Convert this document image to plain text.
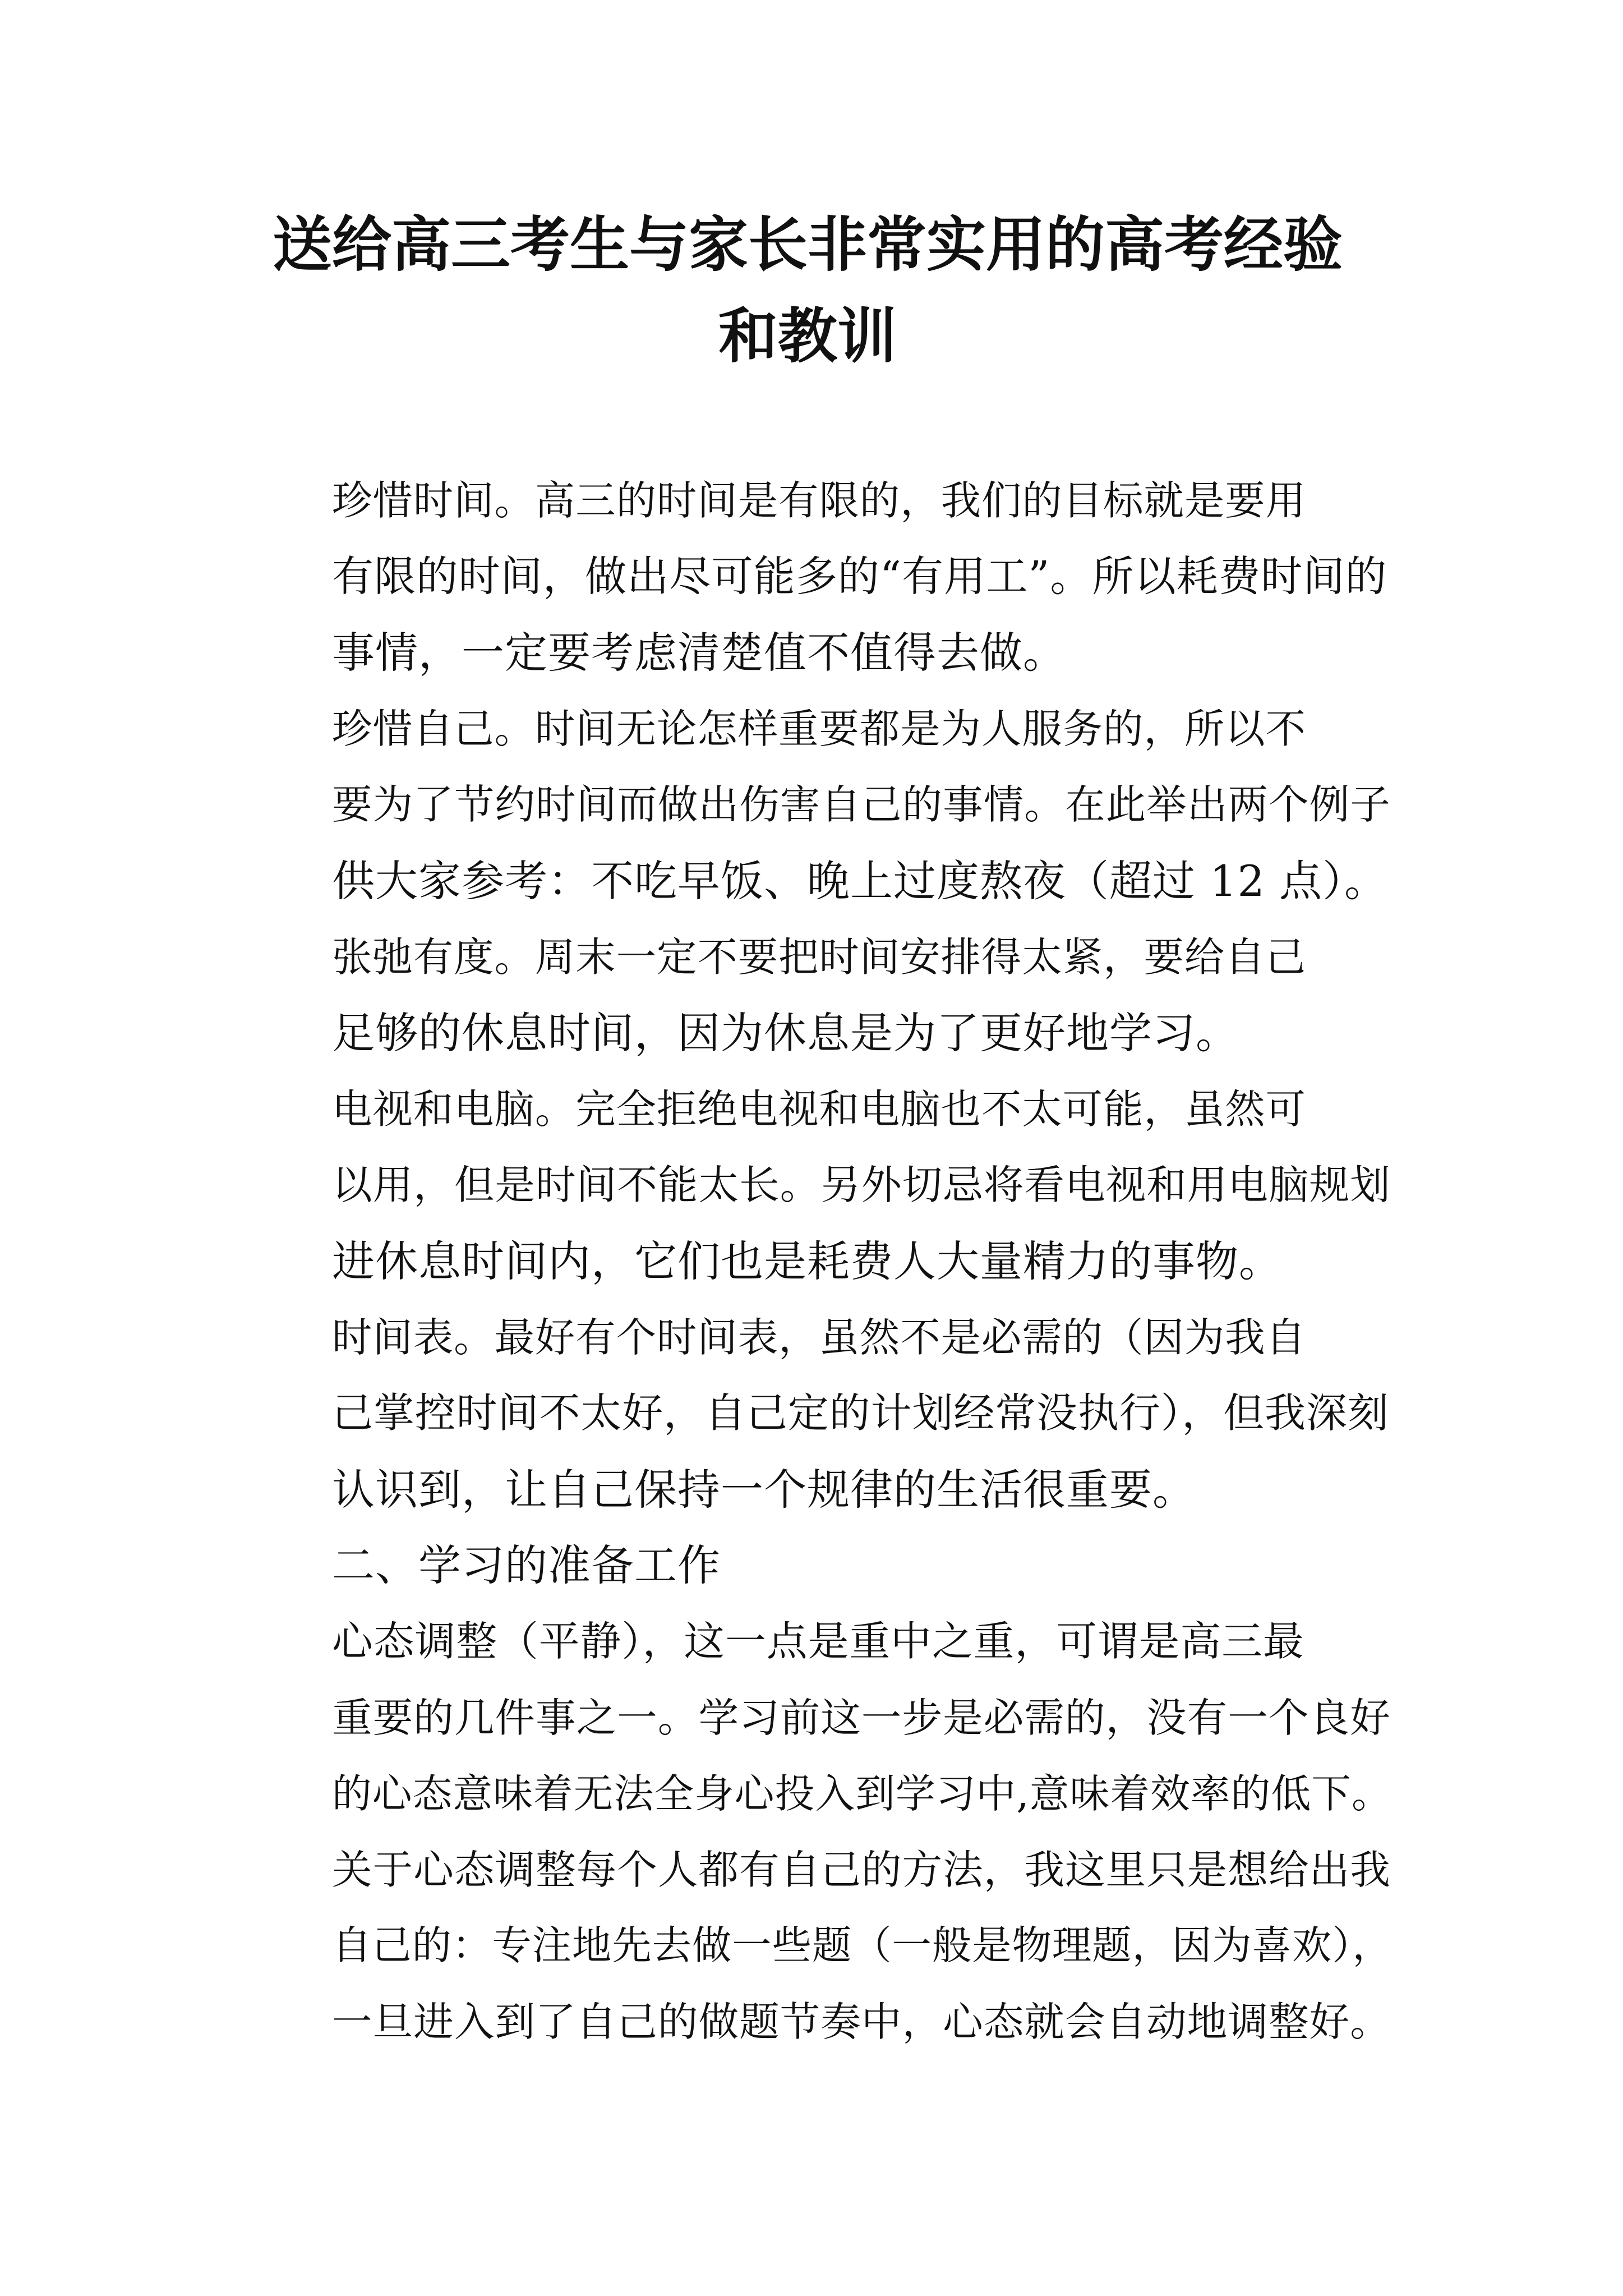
送给高三考生与家长非常实用的高考经验
和教训

珍惜时间。高三的时间是有限的，我们的目标就是要用
有限的时间，做出尽可能多的“有用工”。所以耗费时间的
事情，一定要考虑清楚值不值得去做。

珍惜自己。时间无论怎样重要都是为人服务的，所以不
要为了节约时间而做出伤害自己的事情。在此举出两个例子
供大家参考：不吃早饭、晚上过度熬夜（超过 12 点）。

张弛有度。周末一定不要把时间安排得太紧，要给自己
足够的休息时间，因为休息是为了更好地学习。

电视和电脑。完全拒绝电视和电脑也不太可能，虽然可
以用，但是时间不能太长。另外切忌将看电视和用电脑规划
进休息时间内，它们也是耗费人大量精力的事物。

时间表。最好有个时间表，虽然不是必需的（因为我自
己掌控时间不太好，自己定的计划经常没执行），但我深刻
认识到，让自己保持一个规律的生活很重要。

二、学习的准备工作

心态调整（平静），这一点是重中之重，可谓是高三最
重要的几件事之一。学习前这一步是必需的，没有一个良好
的心态意味着无法全身心投入到学习中,意味着效率的低下。
关于心态调整每个人都有自己的方法，我这里只是想给出我
自己的：专注地先去做一些题（一般是物理题，因为喜欢），
一旦进入到了自己的做题节奏中，心态就会自动地调整好。
